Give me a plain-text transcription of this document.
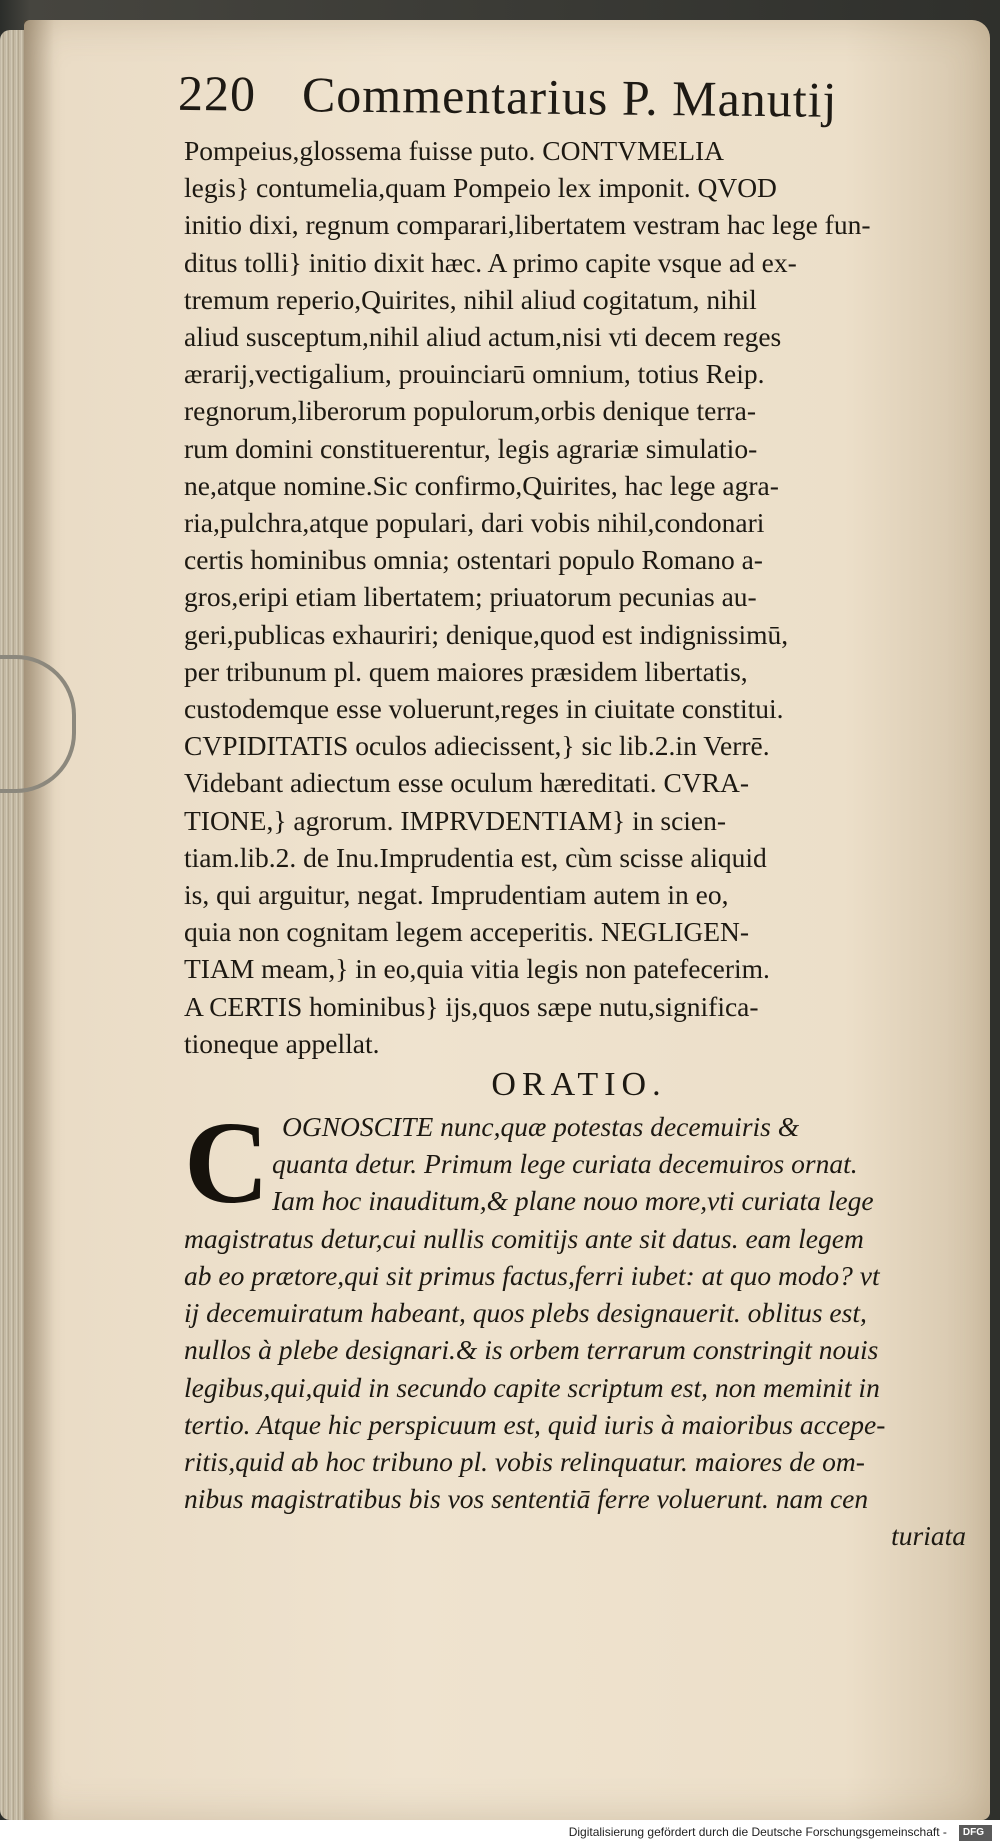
220 Commentarius P. Manutij
Pompeius,glossema fuisse puto. CONTVMELIA
legis} contumelia,quam Pompeio lex imponit. QVOD
initio dixi, regnum comparari,libertatem vestram hac lege fun-
ditus tolli} initio dixit hæc. A primo capite vsque ad ex-
tremum reperio,Quirites, nihil aliud cogitatum, nihil
aliud susceptum,nihil aliud actum,nisi vti decem reges
ærarij,vectigalium, prouinciarū omnium, totius Reip.
regnorum,liberorum populorum,orbis denique terra-
rum domini constituerentur, legis agrariæ simulatio-
ne,atque nomine.Sic confirmo,Quirites, hac lege agra-
ria,pulchra,atque populari, dari vobis nihil,condonari
certis hominibus omnia; ostentari populo Romano a-
gros,eripi etiam libertatem; priuatorum pecunias au-
geri,publicas exhauriri; denique,quod est indignissimū,
per tribunum pl. quem maiores præsidem libertatis,
custodemque esse voluerunt,reges in ciuitate constitui.
CVPIDITATIS oculos adiecissent,} sic lib.2.in Verrē.
Videbant adiectum esse oculum hæreditati. CVRA-
TIONE,} agrorum. IMPRVDENTIAM} in scien-
tiam.lib.2. de Inu.Imprudentia est, cùm scisse aliquid
is, qui arguitur, negat. Imprudentiam autem in eo,
quia non cognitam legem acceperitis. NEGLIGEN-
TIAM meam,} in eo,quia vitia legis non patefecerim.
A CERTIS hominibus} ijs,quos sæpe nutu,significa-
tioneque appellat.
ORATIO.
C OGNOSCITE nunc,quæ potestas decemuiris &
quanta detur. Primum lege curiata decemuiros ornat.
Iam hoc inauditum,& plane nouo more,vti curiata lege
magistratus detur,cui nullis comitijs ante sit datus. eam legem
ab eo prætore,qui sit primus factus,ferri iubet: at quo modo? vt
ij decemuiratum habeant, quos plebs designauerit. oblitus est,
nullos à plebe designari.& is orbem terrarum constringit nouis
legibus,qui,quid in secundo capite scriptum est, non meminit in
tertio. Atque hic perspicuum est, quid iuris à maioribus accepe-
ritis,quid ab hoc tribuno pl. vobis relinquatur. maiores de om-
nibus magistratibus bis vos sententiā ferre voluerunt. nam cen
turiata
Digitalisierung gefördert durch die Deutsche Forschungsgemeinschaft - DFG
